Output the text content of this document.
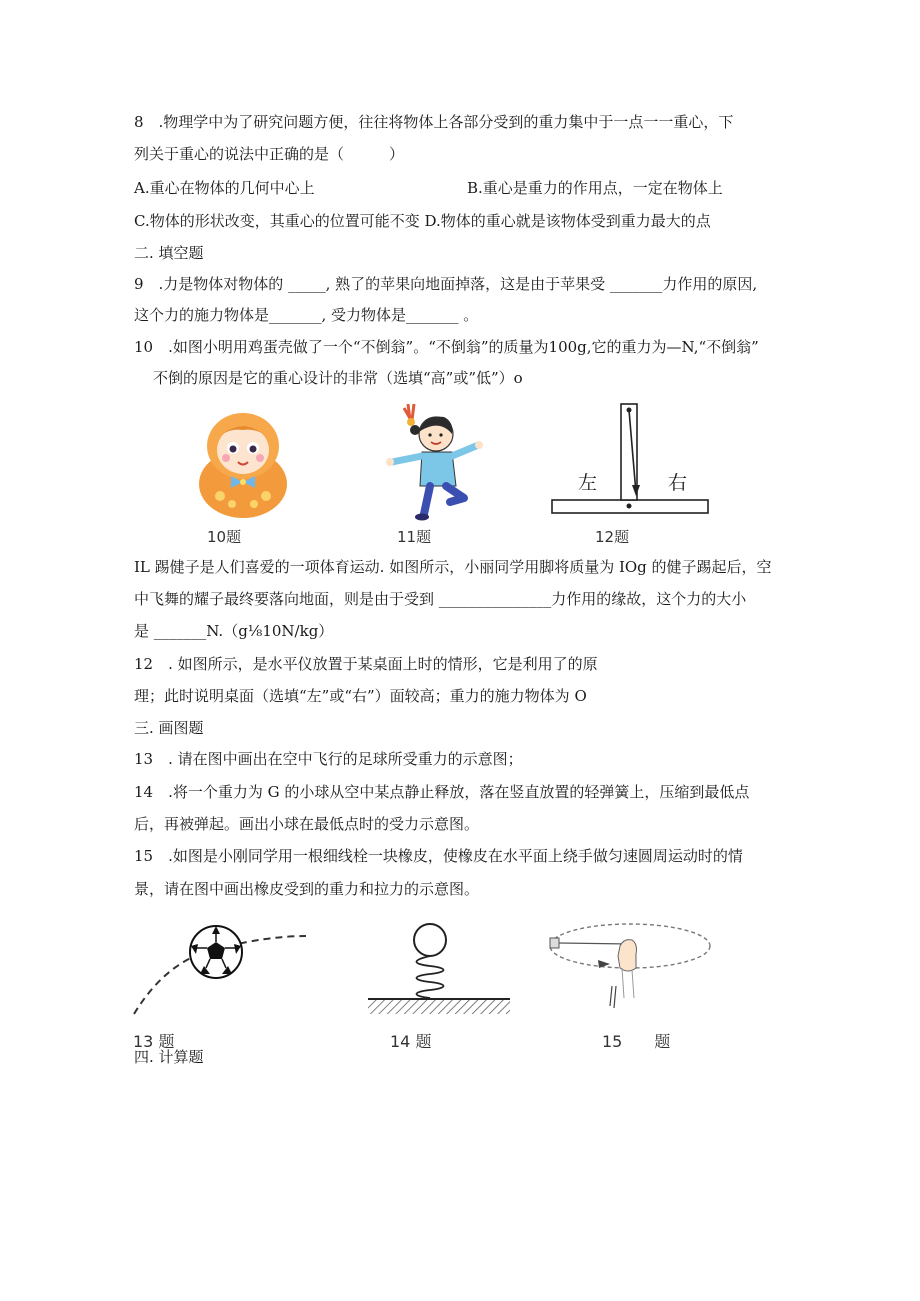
8　.物理学中为了研究问题方便，往往将物体上各部分受到的重力集中于一点一一重心，下
列关于重心的说法中正确的是（　　　）
A.重心在物体的几何中心上	B.重心是重力的作用点，一定在物体上
C.物体的形状改变，其重心的位置可能不变 D.物体的重心就是该物体受到重力最大的点
二. 填空题
9　.力是物体对物体的 _____, 熟了的苹果向地面掉落，这是由于苹果受 _______力作用的原因,
这个力的施力物体是_______, 受力物体是_______ 。
10　.如图小明用鸡蛋壳做了一个“不倒翁”。“不倒翁”的质量为100g,它的重力为—N,“不倒翁”
不倒的原因是它的重心设计的非常（选填“高”或”低”）o
10题	11题
左	右
12题
IL 踢健子是人们喜爱的一项体育运动. 如图所示，小丽同学用脚将质量为 IOg 的健子踢起后，空
中飞舞的耀子最终要落向地面，则是由于受到 _______________力作用的缘故，这个力的大小
是 _______N.（g⅛10N∕kg）
12　. 如图所示，是水平仪放置于某桌面上时的情形，它是利用了的原
理；此时说明桌面（选填“左”或“右”）面较高；重力的施力物体为 O
三. 画图题
13　. 请在图中画出在空中飞行的足球所受重力的示意图；
14　.将一个重力为 G 的小球从空中某点静止释放，落在竖直放置的轻弹簧上，压缩到最低点
后，再被弹起。画出小球在最低点时的受力示意图。
15　.如图是小刚同学用一根细线栓一块橡皮，使橡皮在水平面上绕手做匀速圆周运动时的情
景，请在图中画出橡皮受到的重力和拉力的示意图。
13 题	14 题	15　　题
四. 计算题
